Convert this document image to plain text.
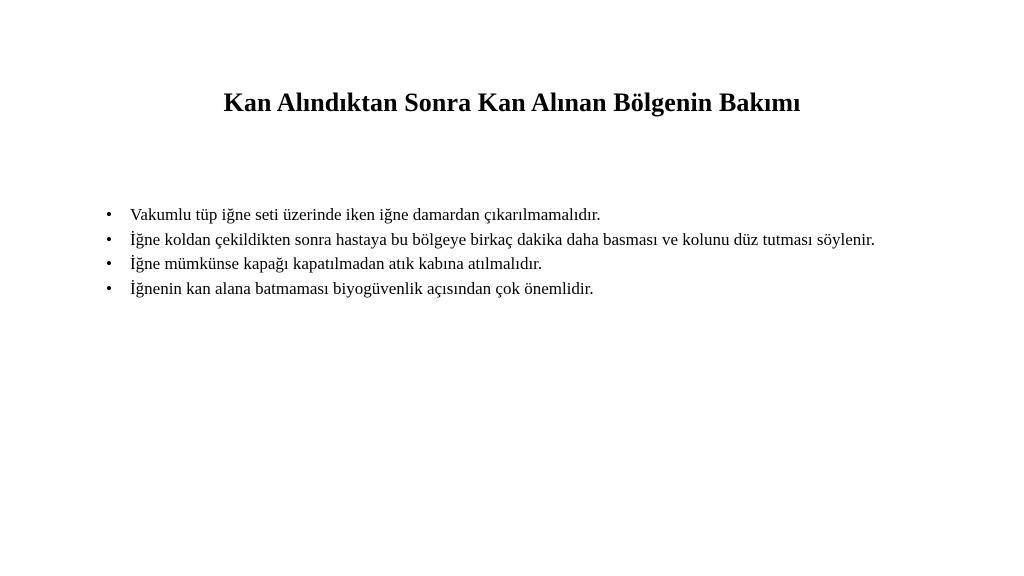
Kan Alındıktan Sonra Kan Alınan Bölgenin Bakımı
•	Vakumlu tüp iğne seti üzerinde iken iğne damardan çıkarılmamalıdır.
•	İğne koldan çekildikten sonra hastaya bu bölgeye birkaç dakika daha basması ve kolunu düz tutması söylenir.
•	İğne mümkünse kapağı kapatılmadan atık kabına atılmalıdır.
•	İğnenin kan alana batmaması biyogüvenlik açısından çok önemlidir.
